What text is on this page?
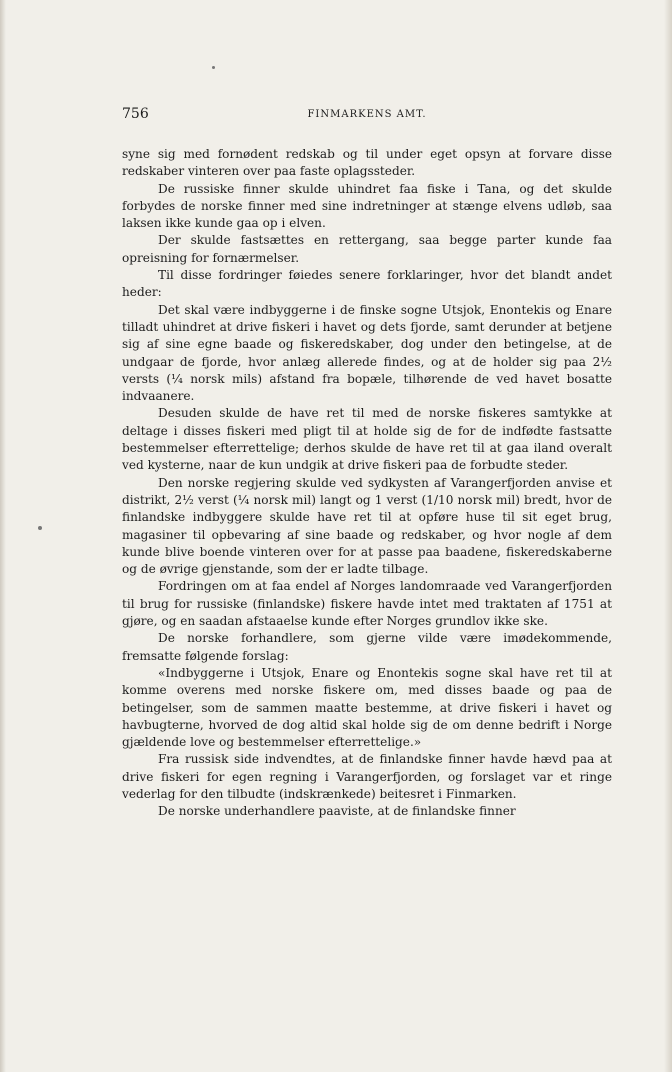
756	FINMARKENS AMT.

syne sig med fornødent redskab og til under eget opsyn at forvare disse redskaber vinteren over paa faste oplagssteder.

De russiske finner skulde uhindret faa fiske i Tana, og det skulde forbydes de norske finner med sine indretninger at stænge elvens udløb, saa laksen ikke kunde gaa op i elven.

Der skulde fastsættes en rettergang, saa begge parter kunde faa opreisning for fornærmelser.

Til disse fordringer føiedes senere forklaringer, hvor det blandt andet heder:

Det skal være indbyggerne i de finske sogne Utsjok, Enontekis og Enare tilladt uhindret at drive fiskeri i havet og dets fjorde, samt derunder at betjene sig af sine egne baade og fiskeredskaber, dog under den betingelse, at de undgaar de fjorde, hvor anlæg allerede findes, og at de holder sig paa 2½ versts (¼ norsk mils) afstand fra bopæle, tilhørende de ved havet bosatte indvaanere.

Desuden skulde de have ret til med de norske fiskeres samtykke at deltage i disses fiskeri med pligt til at holde sig de for de indfødte fastsatte bestemmelser efterrettelige; derhos skulde de have ret til at gaa iland overalt ved kysterne, naar de kun undgik at drive fiskeri paa de forbudte steder.

Den norske regjering skulde ved sydkysten af Varangerfjorden anvise et distrikt, 2½ verst (¼ norsk mil) langt og 1 verst (1/10 norsk mil) bredt, hvor de finlandske indbyggere skulde have ret til at opføre huse til sit eget brug, magasiner til opbevaring af sine baade og redskaber, og hvor nogle af dem kunde blive boende vinteren over for at passe paa baadene, fiskeredskaberne og de øvrige gjenstande, som der er ladte tilbage.

Fordringen om at faa endel af Norges landomraade ved Varangerfjorden til brug for russiske (finlandske) fiskere havde intet med traktaten af 1751 at gjøre, og en saadan afstaaelse kunde efter Norges grundlov ikke ske.

De norske forhandlere, som gjerne vilde være imødekommende, fremsatte følgende forslag:

«Indbyggerne i Utsjok, Enare og Enontekis sogne skal have ret til at komme overens med norske fiskere om, med disses baade og paa de betingelser, som de sammen maatte bestemme, at drive fiskeri i havet og havbugterne, hvorved de dog altid skal holde sig de om denne bedrift i Norge gjældende love og bestemmelser efterrettelige.»

Fra russisk side indvendtes, at de finlandske finner havde hævd paa at drive fiskeri for egen regning i Varangerfjorden, og forslaget var et ringe vederlag for den tilbudte (indskrænkede) beitesret i Finmarken.

De norske underhandlere paaviste, at de finlandske finner
